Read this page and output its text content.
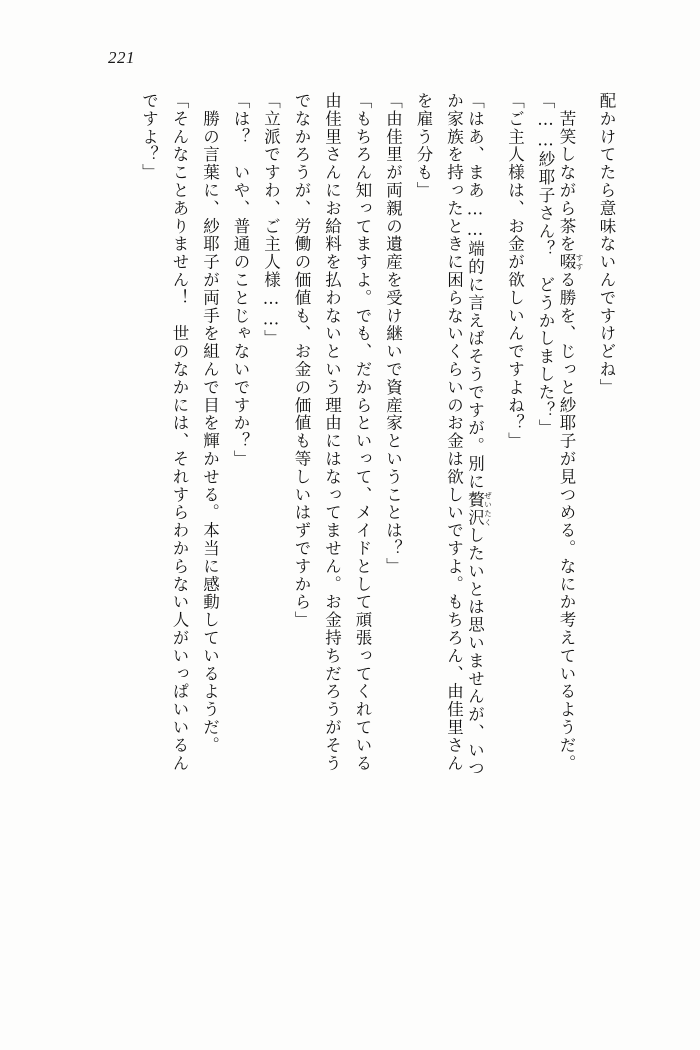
221
配かけてたら意味ないんですけどね」
　苦笑しながら茶を啜 すする勝を、じっと紗耶子が見つめる。なにか考えているようだ。
「……紗耶子さん？　どうかしました？」
「ご主人様は、お金が欲しいんですよね？」
「はあ、まあ……端的に言えばそうですが。別に贅沢 ぜいたくしたいとは思いませんが、いつ
か家族を持ったときに困らないくらいのお金は欲しいですよ。もちろん、由佳里さん
を雇う分も」
「由佳里が両親の遺産を受け継いで資産家ということは？」
「もちろん知ってますよ。でも、だからといって、メイドとして頑張ってくれている
由佳里さんにお給料を払わないという理由にはなってません。お金持ちだろうがそう
でなかろうが、労働の価値も、お金の価値も等しいはずですから」
「立派ですわ、ご主人様……」
「は？　いや、普通のことじゃないですか？」
　勝の言葉に、紗耶子が両手を組んで目を輝かせる。本当に感動しているようだ。
「そんなことありません！　世のなかには、それすらわからない人がいっぱいいるん
ですよ？」
